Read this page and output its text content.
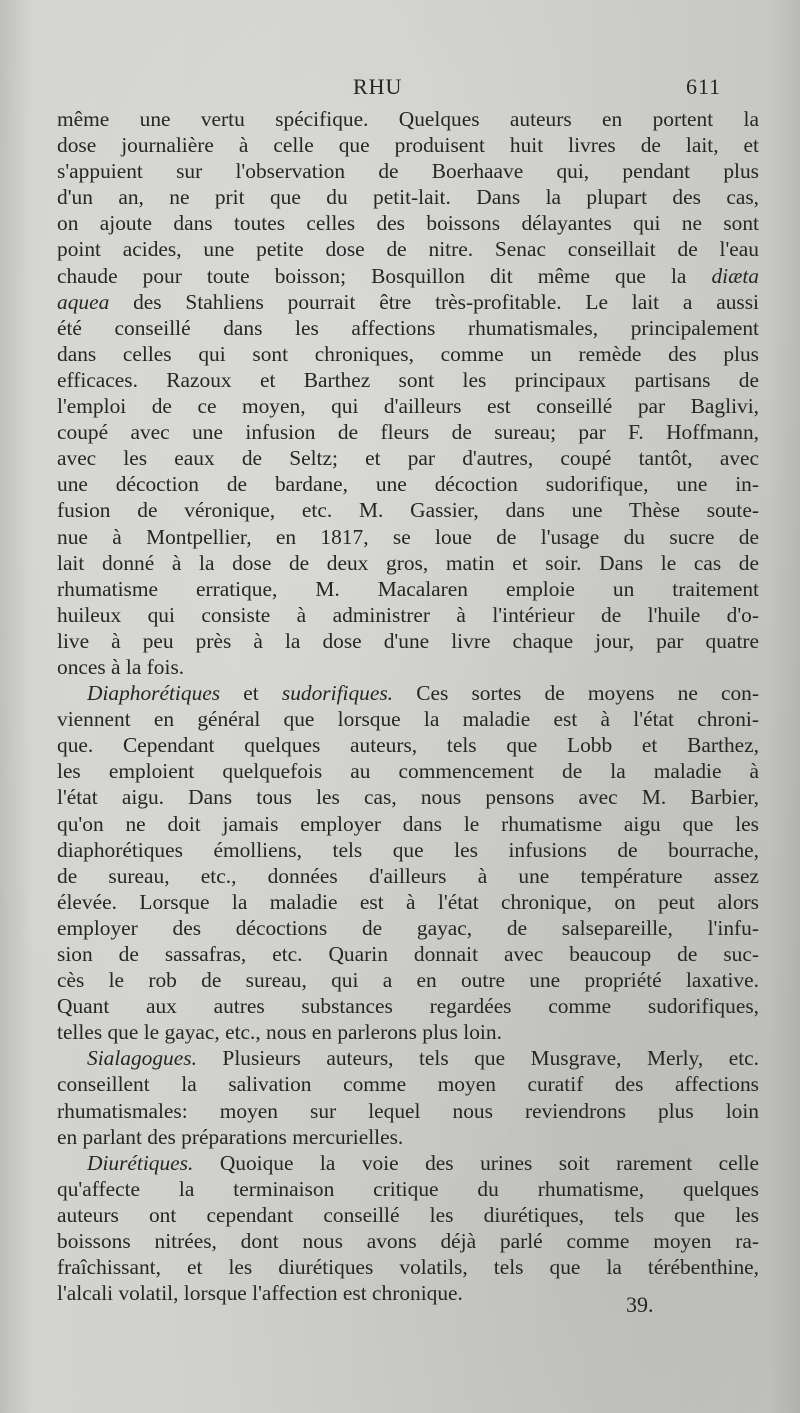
RHU	611
même une vertu spécifique. Quelques auteurs en portent la
dose journalière à celle que produisent huit livres de lait, et
s'appuient sur l'observation de Boerhaave qui, pendant plus
d'un an, ne prit que du petit-lait. Dans la plupart des cas,
on ajoute dans toutes celles des boissons délayantes qui ne sont
point acides, une petite dose de nitre. Senac conseillait de l'eau
chaude pour toute boisson; Bosquillon dit même que la diæta
aquea des Stahliens pourrait être très-profitable. Le lait a aussi
été conseillé dans les affections rhumatismales, principalement
dans celles qui sont chroniques, comme un remède des plus
efficaces. Razoux et Barthez sont les principaux partisans de
l'emploi de ce moyen, qui d'ailleurs est conseillé par Baglivi,
coupé avec une infusion de fleurs de sureau; par F. Hoffmann,
avec les eaux de Seltz; et par d'autres, coupé tantôt, avec
une décoction de bardane, une décoction sudorifique, une in-
fusion de véronique, etc. M. Gassier, dans une Thèse soute-
nue à Montpellier, en 1817, se loue de l'usage du sucre de
lait donné à la dose de deux gros, matin et soir. Dans le cas de
rhumatisme erratique, M. Macalaren emploie un traitement
huileux qui consiste à administrer à l'intérieur de l'huile d'o-
live à peu près à la dose d'une livre chaque jour, par quatre
onces à la fois.
Diaphorétiques et sudorifiques. Ces sortes de moyens ne con-
viennent en général que lorsque la maladie est à l'état chroni-
que. Cependant quelques auteurs, tels que Lobb et Barthez,
les emploient quelquefois au commencement de la maladie à
l'état aigu. Dans tous les cas, nous pensons avec M. Barbier,
qu'on ne doit jamais employer dans le rhumatisme aigu que les
diaphorétiques émolliens, tels que les infusions de bourrache,
de sureau, etc., données d'ailleurs à une température assez
élevée. Lorsque la maladie est à l'état chronique, on peut alors
employer des décoctions de gayac, de salsepareille, l'infu-
sion de sassafras, etc. Quarin donnait avec beaucoup de suc-
cès le rob de sureau, qui a en outre une propriété laxative.
Quant aux autres substances regardées comme sudorifiques,
telles que le gayac, etc., nous en parlerons plus loin.
Sialagogues. Plusieurs auteurs, tels que Musgrave, Merly, etc.
conseillent la salivation comme moyen curatif des affections
rhumatismales: moyen sur lequel nous reviendrons plus loin
en parlant des préparations mercurielles.
Diurétiques. Quoique la voie des urines soit rarement celle
qu'affecte la terminaison critique du rhumatisme, quelques
auteurs ont cependant conseillé les diurétiques, tels que les
boissons nitrées, dont nous avons déjà parlé comme moyen ra-
fraîchissant, et les diurétiques volatils, tels que la térébenthine,
l'alcali volatil, lorsque l'affection est chronique.	39.
